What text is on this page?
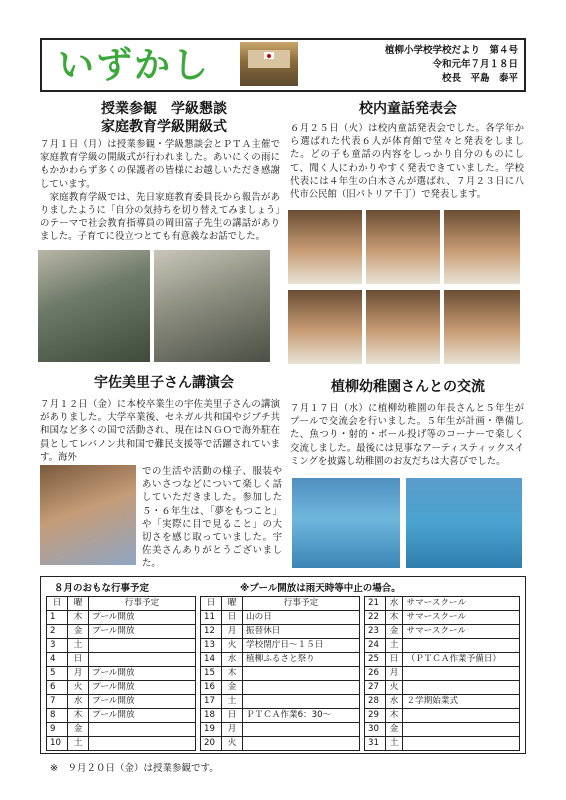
いずかし	植柳小学校学校だより　第４号
令和元年７月１８日
校長　平島　泰平
授業参観　学級懇談
家庭教育学級開級式
７月１日（月）は授業参観・学級懇談会とＰＴＡ主催で家庭教育学級の開級式が行われました。あいにくの雨にもかかわらず多くの保護者の皆様にお越しいただき感謝しています。
　家庭教育学級では、先日家庭教育委員長から報告がありましたように「自分の気持ちを切り替えてみましょう」のテーマで社会教育指導員の岡田富子先生の講話がありました。子育てに役立つとても有意義なお話でした。
校内童話発表会
６月２５日（火）は校内童話発表会でした。各学年から選ばれた代表６人が体育館で堂々と発表をしました。どの子も童話の内容をしっかり自分のものにして、聞く人にわかりやすく発表できていました。学校代表には４年生の白木さんが選ばれ、７月２３日に八代市公民館（旧パトリア千丁）で発表します。
宇佐美里子さん講演会
７月１２日（金）に本校卒業生の宇佐美里子さんの講演がありました。大学卒業後、セネガル共和国やジブチ共和国など多くの国で活動され、現在はＮＧＯで海外駐在員としてレバノン共和国で難民支援等で活躍されています。海外
での生活や活動の様子、服装やあいさつなどについて楽しく話していただきました。参加した５・６年生は、「夢をもつこと」や「実際に目で見ること」の大切さを感じ取っていました。宇佐美さんありがとうございました。
植柳幼稚園さんとの交流
７月１７日（水）に植柳幼稚園の年長さんと５年生がプールで交流会を行いました。５年生が計画・準備した、魚つり・射的・ボール投げ等のコーナーで楽しく交流しました。最後には見事なアーティスティックスイミングを披露し幼稚園のお友だちは大喜びでした。
８月のおもな行事予定	※プール開放は雨天時等中止の場合。
日	曜	行事予定
1	木	プール開放
2	金	プール開放
3	土	
4	日	
5	月	プール開放
6	火	プール開放
7	水	プール開放
8	木	プール開放
9	金	
10	土	
日	曜	行事予定
11	日	山の日
12	月	振替休日
13	火	学校閉庁日〜１５日
14	水	植柳ふるさと祭り
15	木	
16	金	
17	土	
18	日	ＰＴＣＡ作業6：30〜
19	月	
20	火	
21	水	サマースクール
22	木	サマースクール
23	金	サマースクール
24	土	
25	日	（ＰＴＣＡ作業予備日）
26	月	
27	火	
28	水	２学期始業式
29	木	
30	金	
31	土	
※　９月２０日（金）は授業参観です。
